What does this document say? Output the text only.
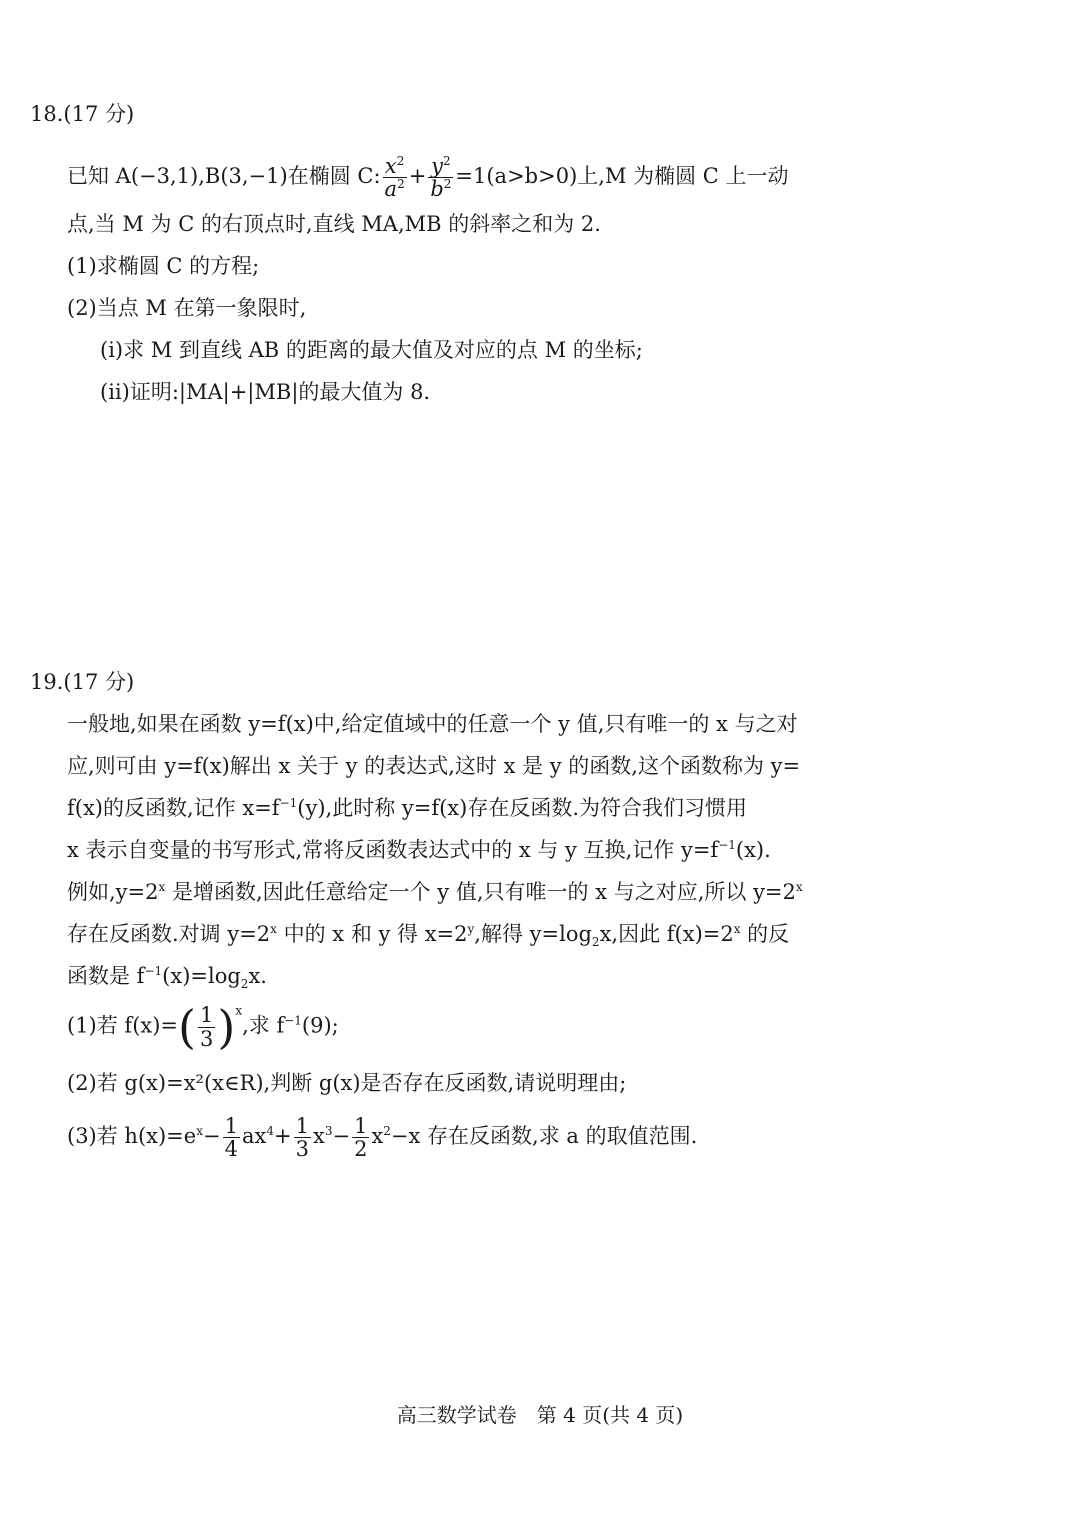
18.(17 分)
已知 A(−3,1),B(3,−1)在椭圆 C: $\frac{x^2}{a^2} + \frac{y^2}{b^2} =1(a>b>0)$上,M 为椭圆 C 上一动
点,当 M 为 C 的右顶点时,直线 MA,MB 的斜率之和为 2.
(1)求椭圆 C 的方程;
(2)当点 M 在第一象限时,
(ⅰ)求 M 到直线 AB 的距离的最大值及对应的点 M 的坐标;
(ⅱ)证明:|MA|+|MB|的最大值为 8.
19.(17 分)
一般地,如果在函数 y=f(x)中,给定值域中的任意一个 y 值,只有唯一的 x 与之对
应,则可由 y=f(x)解出 x 关于 y 的表达式,这时 x 是 y 的函数,这个函数称为 y=
f(x)的反函数,记作 $x=f^{-1}(y)$,此时称 y=f(x)存在反函数.为符合我们习惯用
x 表示自变量的书写形式,常将反函数表达式中的 x 与 y 互换,记作 $y=f^{-1}(x)$.
例如$,y=2^x$ 是增函数,因此任意给定一个 y 值,只有唯一的 x 与之对应,所以 $y=2^x$
存在反函数.对调 $y=2^x$ 中的 x 和 y 得 $x=2^y$,解得 $y=\log_2x$,因此 $f(x)=2^x$ 的反
函数是 $f^{-1}(x)=\log_2x$.
(1)若 $f(x)=( \frac{1}{3} )^x$,求 $f^{-1}(9)$;
(2)若 g(x)=x²(x∈R),判断 g(x)是否存在反函数,请说明理由;
(3)若 $h(x)=e^x- \frac{1}{4} ax^4+ \frac{1}{3} x^3- \frac{1}{2} x^2-x$ 存在反函数,求 a 的取值范围.
高三数学试卷　第 4 页(共 4 页)
